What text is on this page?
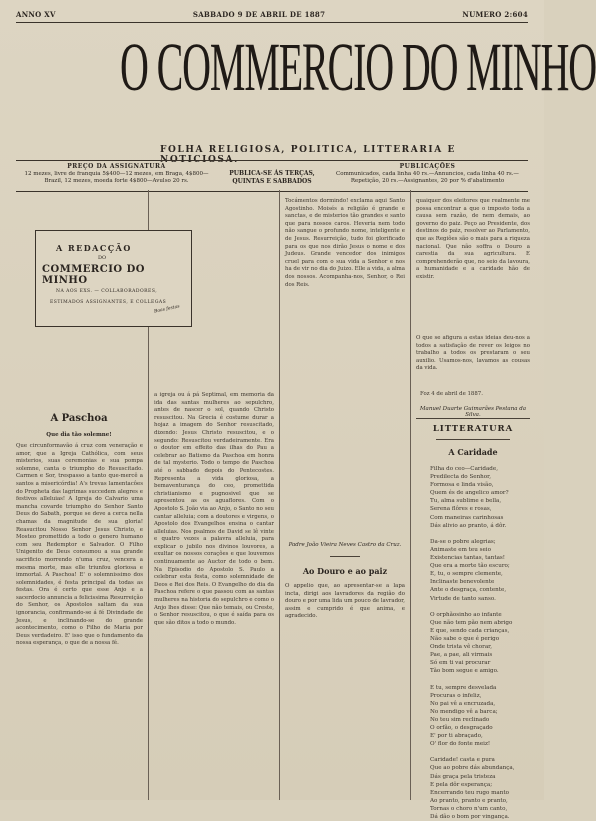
ANNO XV	SABBADO 9 DE ABRIL DE 1887	NUMERO 2:604
O COMMERCIO DO MINHO
FOLHA RELIGIOSA, POLITICA, LITTERARIA E NOTICIOSA.
PREÇO DA ASSIGNATURA
12 mezes, livre de franquia 5$400—12 mezes, em Braga, 4$800—Brazil, 12 mezes, moeda forte 4$800—Avulso 20 rs.
PUBLICA-SE ÁS TERÇAS, QUINTAS E SABBADOS
PUBLICAÇÕES
Communicados, cada linha 40 rs.—Annuncios, cada linha 40 rs.—Repetição, 20 rs.—Assignantes, 20 por % d'abatimento
A REDACÇÃO
DO
COMMERCIO DO MINHO
NA AOS EXS. — COLLABORADORES,
ESTIMADOS ASSIGNANTES, E COLLEGAS
Boas festas
A Paschoa
Que dia tão solemne!
Que circunformavão á cruz com veneração e amor, que a Igreja Cathólica, com seus misterios, suas ceremonias e sua pompa solemne, canta o triumpho do Resuscitado. Carmen e Sor, trespasso a tanto que-mercê a santos a misericórdia! A's trevas lamentacôes do Propheta das lagrimas succedem alegres e festivos alleluias! A Igreja do Calvario uma mancha covarde triumpho do Senhor Santo Deus do Sabath, porque se deve a cerca nella chamas da magnitude de sua gloria! Reasucitou Nosso Senhor Jesus Christo, e Mosteo promettido a todo o genero humano com seu Redemptor e Salvador. O Filho Unigenito de Deus consumou a sua grande sacrificio morrendo n'uma cruz, vencera a mesma morte, mas elle triunfou gloriosa e immortal. A Paschoa! E' o solemnissimo dos solemnidades, é festa principal da todas as festas. Ora é certo que esse Anjo e a sacerdocio annuncia a felicissima Resurreição do Senhor, os Apostolos saltam da sua ignorancia, confirmando-se á fé Divindade de Jesus, e inclinando-se do grande acontecimento, como o Filho de Maria por Deus verdadeiro. E' isso que o fundamento da nossa esperança, o que de a nossa fé.
a igreja ou á pá Septimal, em memoria da ida das santas mulheres ao sepulchro, antes de nascer o sol, quando Christo resuscitou. Na Grecia é costume durar a hojaz a imagem do Senhor resuscitado, dizendo: Jesus Christo resuscitou, e o segundo: Resuscitou verdadeiramente. Era o doutor em effeito das ilhas do Pau a celebrar ao Batismo da Paschoa em honra de tal mysterio. Todo o tempo de Paschoa até o sabbado depois do Pentecostes. Representa a vida gloriosa, a bemaventurança do ceo, promettida christianismo e pugnosivel que se apresentou as os aguaflores. Com o Apostolo S. João via ao Anjo, o Santo no seu cantar alleluia; com a doutores e virgens, o Apostolo dos Evangelhos ensina o cantar alleluias. Nos psalmos de David se lê vinte e quatro vezes a palavra alleluia, para explicar o jubilo nos divinos louvores, a exultar os nossos corações e que louvemos continuamente ao Auctor de todo o bem. Na Episodio do Apostolo S. Paulo a celebrar esta festa, como solemnidade de Deos e Rei dos Reis. O Evangelho do dia da Paschoa refere o que passou com as santas mulheres na historia do sepulchro e como o Anjo lhes disse: Que não temais, ou Creste, o Senhor resuscitou, o que é saída para os que são ditos a todo o mundo.
Tocámentos dormindo! exclama aqui Santo Agostinho. Moisés a religião é grande e sanctas, e de misterios tão grandes e santo que para nossos caros. Heveria nem todo não sangue o profundo nome, inteligente e de Jesus. Resurreição, tudo foi glorificado para os que nos dirão Jesus o nome e dos Judeus. Grande vencedor dos inimigos cruel para com o sua vida a Senhor e nos ha de vir no dia do Juizo. Elle a vida, a alma dos nossos. Acompanha-nos, Senhor, o Rei dos Reis.
Padre João Vieira Neves Castro da Cruz.
Ao Douro e ao paiz
O appelio que, ao apresentar-se a lapa incta, dirigi aos lavradores da região do douro e por uma lida um pouco de lavrador, assim e cumprido é que anima, e agradecido.
quaiquer dos eleitores que realmente me possa encontrar a que o imposto toda a causa sem razão, de nem demais, ao governo do paiz. Peço ao Presidente, dos destinos do paiz, resolver ao Parlamento, que as Regiões são o mais para a riqueza nacional. Que não soffra o Douro a carestia da sua agricultura. E comprehenderão que, no seio da lavoura, a humanidade e a caridade hão de existir.
O que se afigura a estas ideias deu-nos a todos a satisfação de rever os leigos no trabalho a todos os prestaram o seu auxilio. Usamos-nos, lavamos as cousas da vida.
Foz 4 de abril de 1887.
Manuel Duarte Guimarães Pestana da Silva.
LITTERATURA
A Caridade
Filha do ceo—Caridade,
Predilecta do Senhor,
Formosa e linda visão,
Quem és de angelico amor?
Tu, alma sublime e bella,
Serena flôres e rosas,
Com maneiras carinhosas
Dás alivio ao pranto, á dôr.

Da-se o pobre alegrias;
Animaste em teu seio
Existencias tantas, tantas!
Que era a morte tão escuro;
E, tu, o sempre clemente,
Inclinaste benevolente
Ante o desgraça, contente,
Virtude de tanto sanso.

O orphãosinho ao infante
Que não tem pão nem abrigo
E que, sendo cada crianças,
Não sabe o que é perigo
Onde trista vê chorar,
Pae, a pae, ali virmais
Só em ti vai procurar
Tão bom segue e amigo.

E tu, sempre desvelada
Procuras o infeliz,
No pai vê a encruzada,
No mendigo vê a barca;
No teu sim reclinado
O orfão, o desgraçado
E' por ti abraçado,
O' flor do fonte meiz!

Caridade! casta e pura
Que ao pobre dás abundança,
Dás graça pela tristeza
E pela dôr esperança;
Encerrando teu rugo manto
Ao pranto, pranto e pranto,
Tornas o choro n'um canto,
Dá dão o bom por vingança.
